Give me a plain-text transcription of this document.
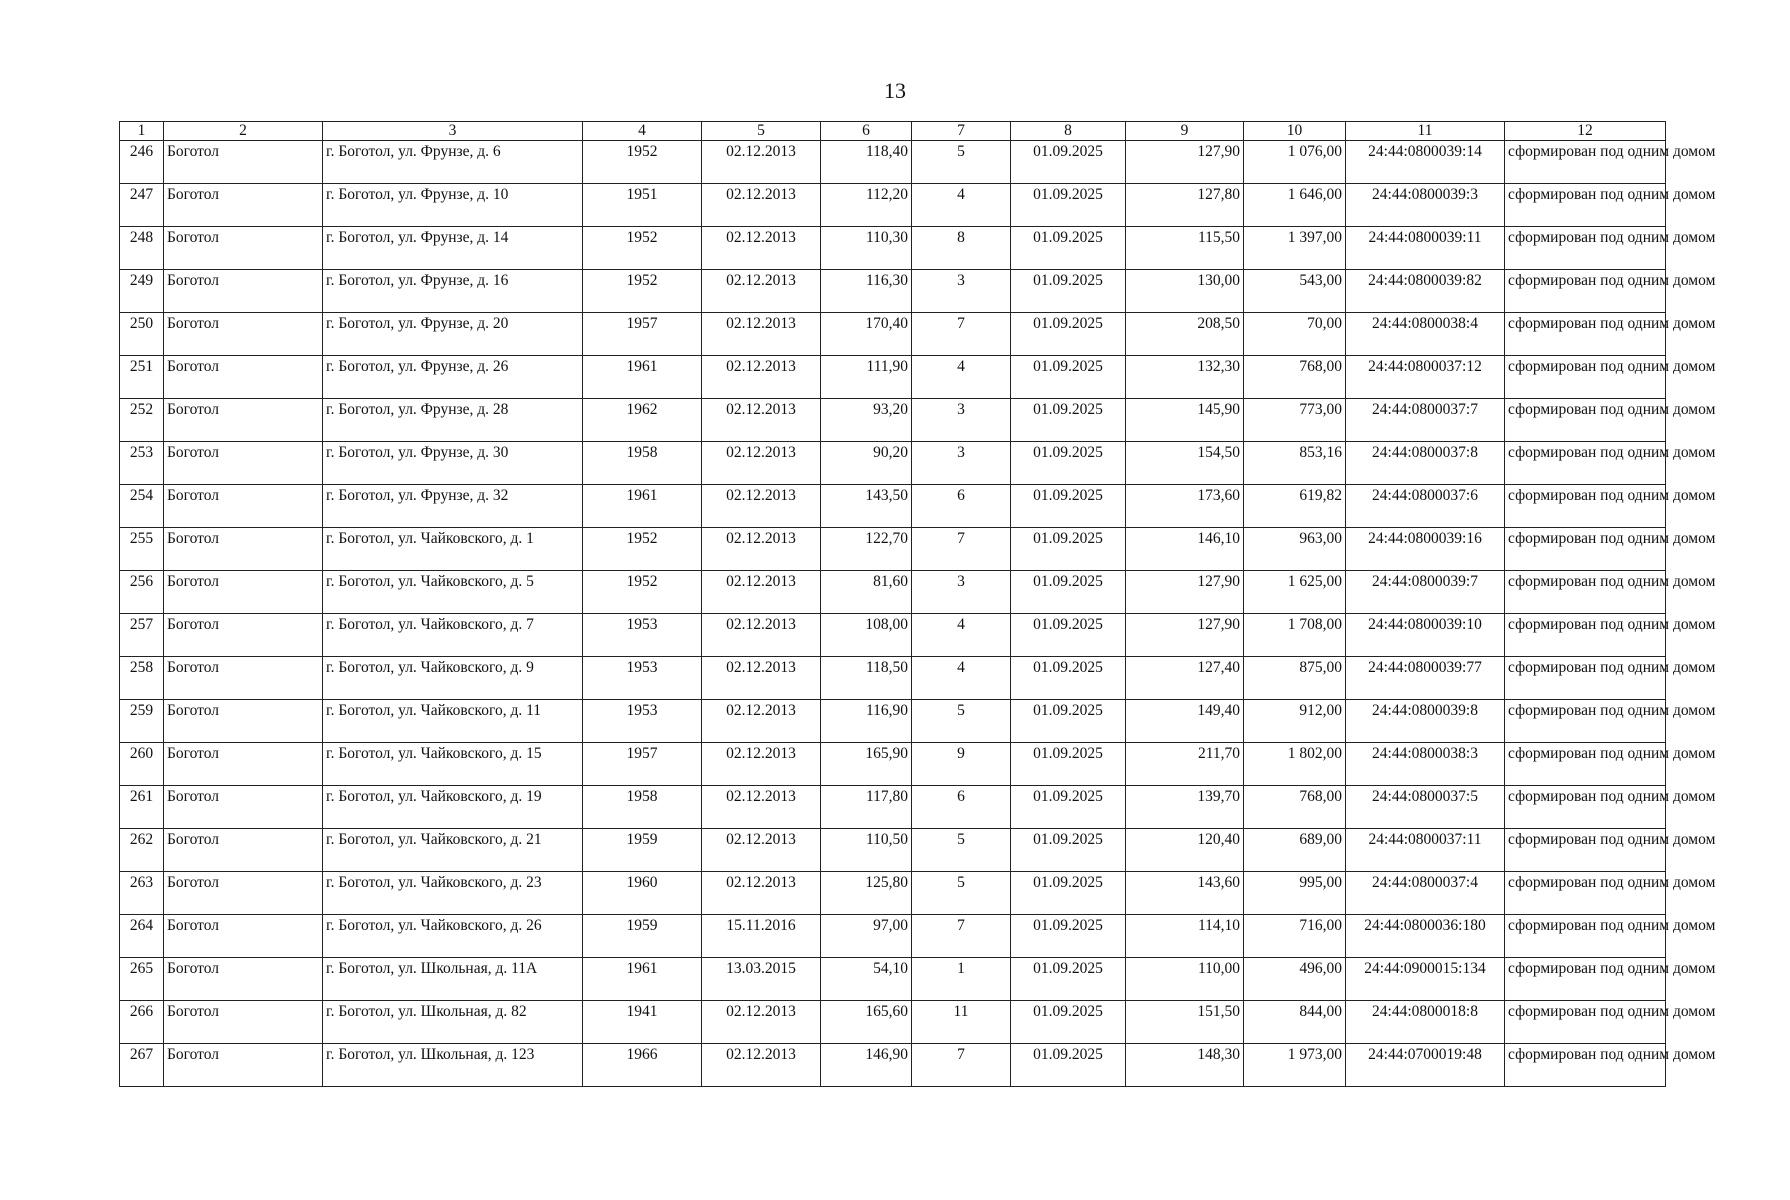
13
1	2	3	4	5	6	7	8	9	10	11	12
246	Боготол	г. Боготол, ул. Фрунзе, д. 6	1952	02.12.2013	118,40	5	01.09.2025	127,90	1 076,00	24:44:0800039:14	сформирован под одним домом
247	Боготол	г. Боготол, ул. Фрунзе, д. 10	1951	02.12.2013	112,20	4	01.09.2025	127,80	1 646,00	24:44:0800039:3	сформирован под одним домом
248	Боготол	г. Боготол, ул. Фрунзе, д. 14	1952	02.12.2013	110,30	8	01.09.2025	115,50	1 397,00	24:44:0800039:11	сформирован под одним домом
249	Боготол	г. Боготол, ул. Фрунзе, д. 16	1952	02.12.2013	116,30	3	01.09.2025	130,00	543,00	24:44:0800039:82	сформирован под одним домом
250	Боготол	г. Боготол, ул. Фрунзе, д. 20	1957	02.12.2013	170,40	7	01.09.2025	208,50	70,00	24:44:0800038:4	сформирован под одним домом
251	Боготол	г. Боготол, ул. Фрунзе, д. 26	1961	02.12.2013	111,90	4	01.09.2025	132,30	768,00	24:44:0800037:12	сформирован под одним домом
252	Боготол	г. Боготол, ул. Фрунзе, д. 28	1962	02.12.2013	93,20	3	01.09.2025	145,90	773,00	24:44:0800037:7	сформирован под одним домом
253	Боготол	г. Боготол, ул. Фрунзе, д. 30	1958	02.12.2013	90,20	3	01.09.2025	154,50	853,16	24:44:0800037:8	сформирован под одним домом
254	Боготол	г. Боготол, ул. Фрунзе, д. 32	1961	02.12.2013	143,50	6	01.09.2025	173,60	619,82	24:44:0800037:6	сформирован под одним домом
255	Боготол	г. Боготол, ул. Чайковского, д. 1	1952	02.12.2013	122,70	7	01.09.2025	146,10	963,00	24:44:0800039:16	сформирован под одним домом
256	Боготол	г. Боготол, ул. Чайковского, д. 5	1952	02.12.2013	81,60	3	01.09.2025	127,90	1 625,00	24:44:0800039:7	сформирован под одним домом
257	Боготол	г. Боготол, ул. Чайковского, д. 7	1953	02.12.2013	108,00	4	01.09.2025	127,90	1 708,00	24:44:0800039:10	сформирован под одним домом
258	Боготол	г. Боготол, ул. Чайковского, д. 9	1953	02.12.2013	118,50	4	01.09.2025	127,40	875,00	24:44:0800039:77	сформирован под одним домом
259	Боготол	г. Боготол, ул. Чайковского, д. 11	1953	02.12.2013	116,90	5	01.09.2025	149,40	912,00	24:44:0800039:8	сформирован под одним домом
260	Боготол	г. Боготол, ул. Чайковского, д. 15	1957	02.12.2013	165,90	9	01.09.2025	211,70	1 802,00	24:44:0800038:3	сформирован под одним домом
261	Боготол	г. Боготол, ул. Чайковского, д. 19	1958	02.12.2013	117,80	6	01.09.2025	139,70	768,00	24:44:0800037:5	сформирован под одним домом
262	Боготол	г. Боготол, ул. Чайковского, д. 21	1959	02.12.2013	110,50	5	01.09.2025	120,40	689,00	24:44:0800037:11	сформирован под одним домом
263	Боготол	г. Боготол, ул. Чайковского, д. 23	1960	02.12.2013	125,80	5	01.09.2025	143,60	995,00	24:44:0800037:4	сформирован под одним домом
264	Боготол	г. Боготол, ул. Чайковского, д. 26	1959	15.11.2016	97,00	7	01.09.2025	114,10	716,00	24:44:0800036:180	сформирован под одним домом
265	Боготол	г. Боготол, ул. Школьная, д. 11А	1961	13.03.2015	54,10	1	01.09.2025	110,00	496,00	24:44:0900015:134	сформирован под одним домом
266	Боготол	г. Боготол, ул. Школьная, д. 82	1941	02.12.2013	165,60	11	01.09.2025	151,50	844,00	24:44:0800018:8	сформирован под одним домом
267	Боготол	г. Боготол, ул. Школьная, д. 123	1966	02.12.2013	146,90	7	01.09.2025	148,30	1 973,00	24:44:0700019:48	сформирован под одним домом
